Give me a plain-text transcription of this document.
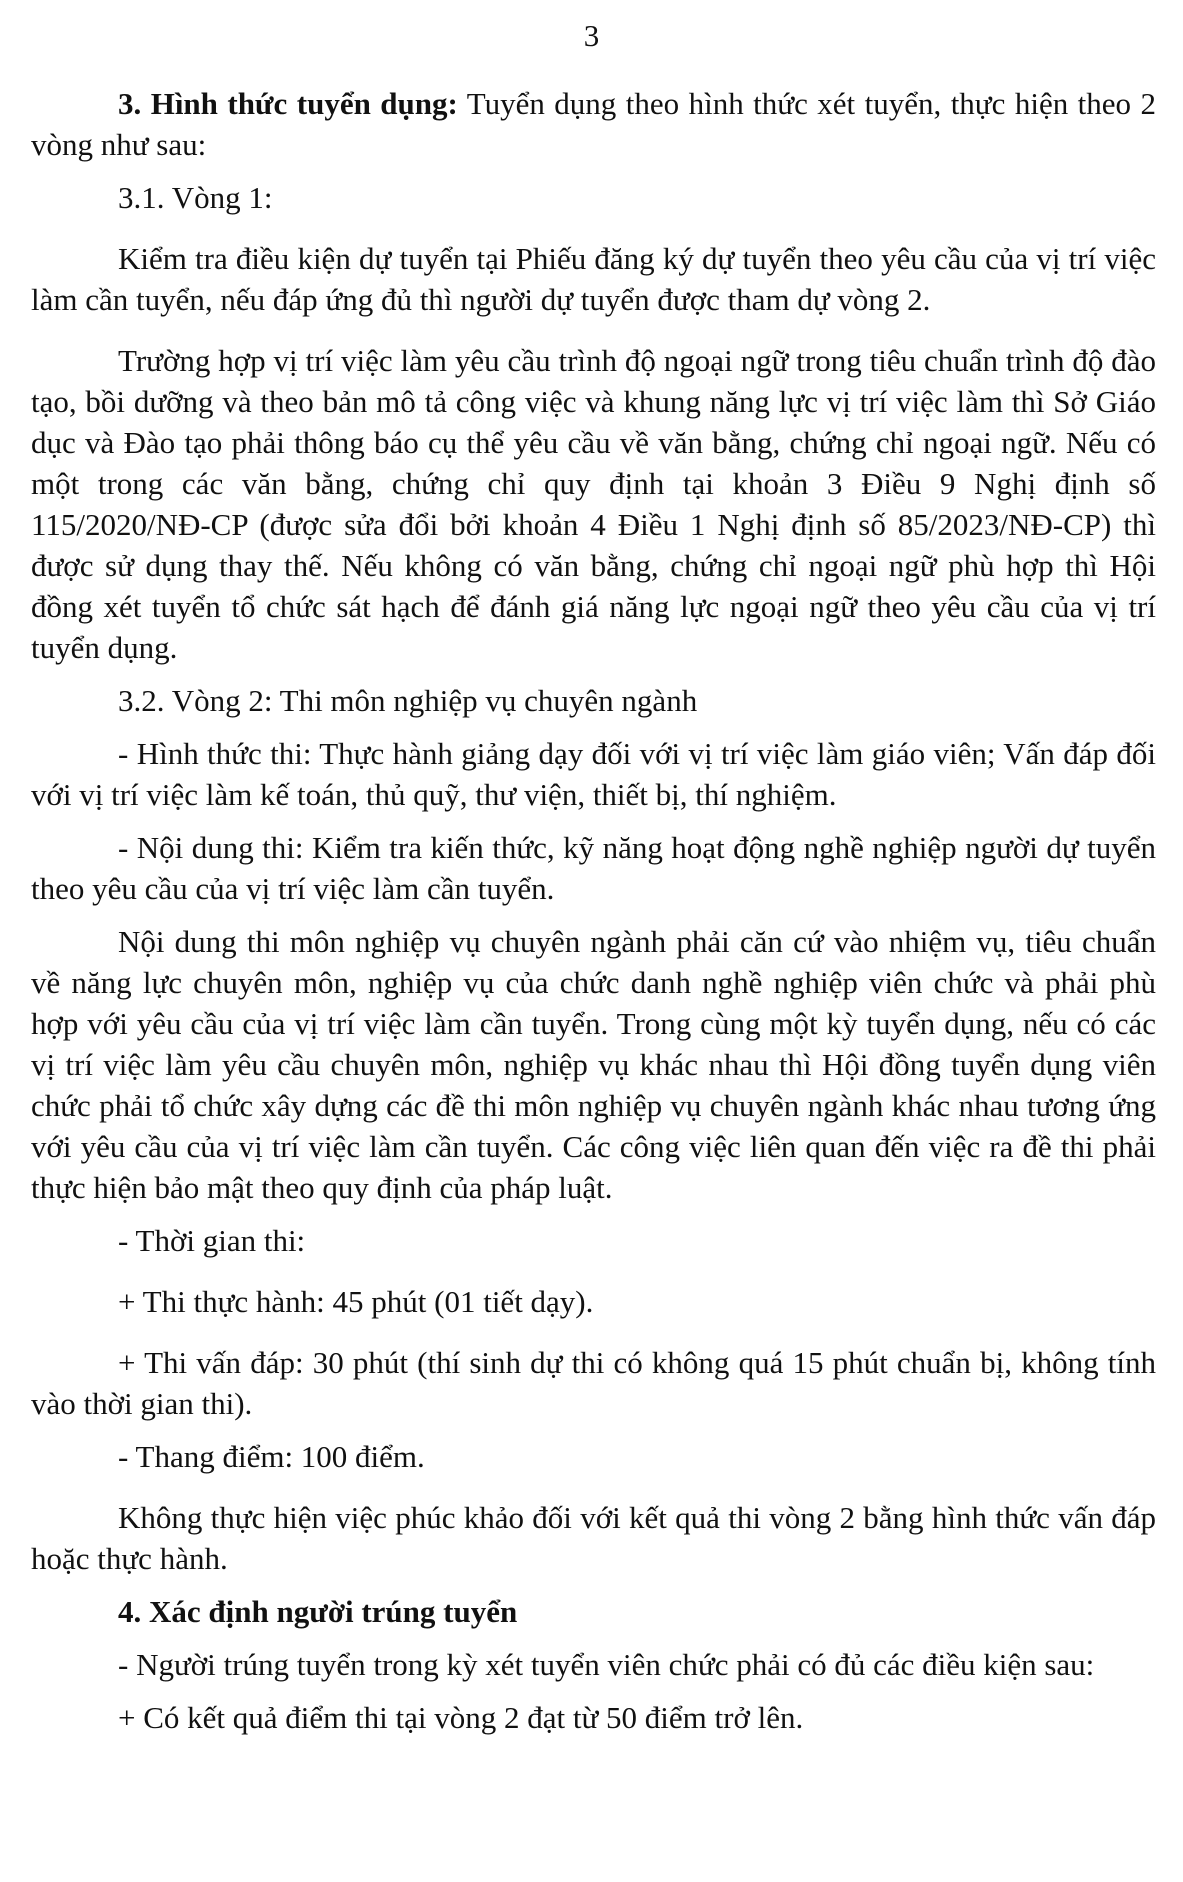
3

3. Hình thức tuyển dụng: Tuyển dụng theo hình thức xét tuyển, thực hiện theo 2 vòng như sau:

3.1. Vòng 1:

Kiểm tra điều kiện dự tuyển tại Phiếu đăng ký dự tuyển theo yêu cầu của vị trí việc làm cần tuyển, nếu đáp ứng đủ thì người dự tuyển được tham dự vòng 2.

Trường hợp vị trí việc làm yêu cầu trình độ ngoại ngữ trong tiêu chuẩn trình độ đào tạo, bồi dưỡng và theo bản mô tả công việc và khung năng lực vị trí việc làm thì Sở Giáo dục và Đào tạo phải thông báo cụ thể yêu cầu về văn bằng, chứng chỉ ngoại ngữ. Nếu có một trong các văn bằng, chứng chỉ quy định tại khoản 3 Điều 9 Nghị định số 115/2020/NĐ-CP (được sửa đổi bởi khoản 4 Điều 1 Nghị định số 85/2023/NĐ-CP) thì được sử dụng thay thế. Nếu không có văn bằng, chứng chỉ ngoại ngữ phù hợp thì Hội đồng xét tuyển tổ chức sát hạch để đánh giá năng lực ngoại ngữ theo yêu cầu của vị trí tuyển dụng.

3.2. Vòng 2: Thi môn nghiệp vụ chuyên ngành

- Hình thức thi: Thực hành giảng dạy đối với vị trí việc làm giáo viên; Vấn đáp đối với vị trí việc làm kế toán, thủ quỹ, thư viện, thiết bị, thí nghiệm.

- Nội dung thi: Kiểm tra kiến thức, kỹ năng hoạt động nghề nghiệp người dự tuyển theo yêu cầu của vị trí việc làm cần tuyển.

Nội dung thi môn nghiệp vụ chuyên ngành phải căn cứ vào nhiệm vụ, tiêu chuẩn về năng lực chuyên môn, nghiệp vụ của chức danh nghề nghiệp viên chức và phải phù hợp với yêu cầu của vị trí việc làm cần tuyển. Trong cùng một kỳ tuyển dụng, nếu có các vị trí việc làm yêu cầu chuyên môn, nghiệp vụ khác nhau thì Hội đồng tuyển dụng viên chức phải tổ chức xây dựng các đề thi môn nghiệp vụ chuyên ngành khác nhau tương ứng với yêu cầu của vị trí việc làm cần tuyển. Các công việc liên quan đến việc ra đề thi phải thực hiện bảo mật theo quy định của pháp luật.

- Thời gian thi:

+ Thi thực hành: 45 phút (01 tiết dạy).

+ Thi vấn đáp: 30 phút (thí sinh dự thi có không quá 15 phút chuẩn bị, không tính vào thời gian thi).

- Thang điểm: 100 điểm.

Không thực hiện việc phúc khảo đối với kết quả thi vòng 2 bằng hình thức vấn đáp hoặc thực hành.

4. Xác định người trúng tuyển

- Người trúng tuyển trong kỳ xét tuyển viên chức phải có đủ các điều kiện sau:

+ Có kết quả điểm thi tại vòng 2 đạt từ 50 điểm trở lên.
